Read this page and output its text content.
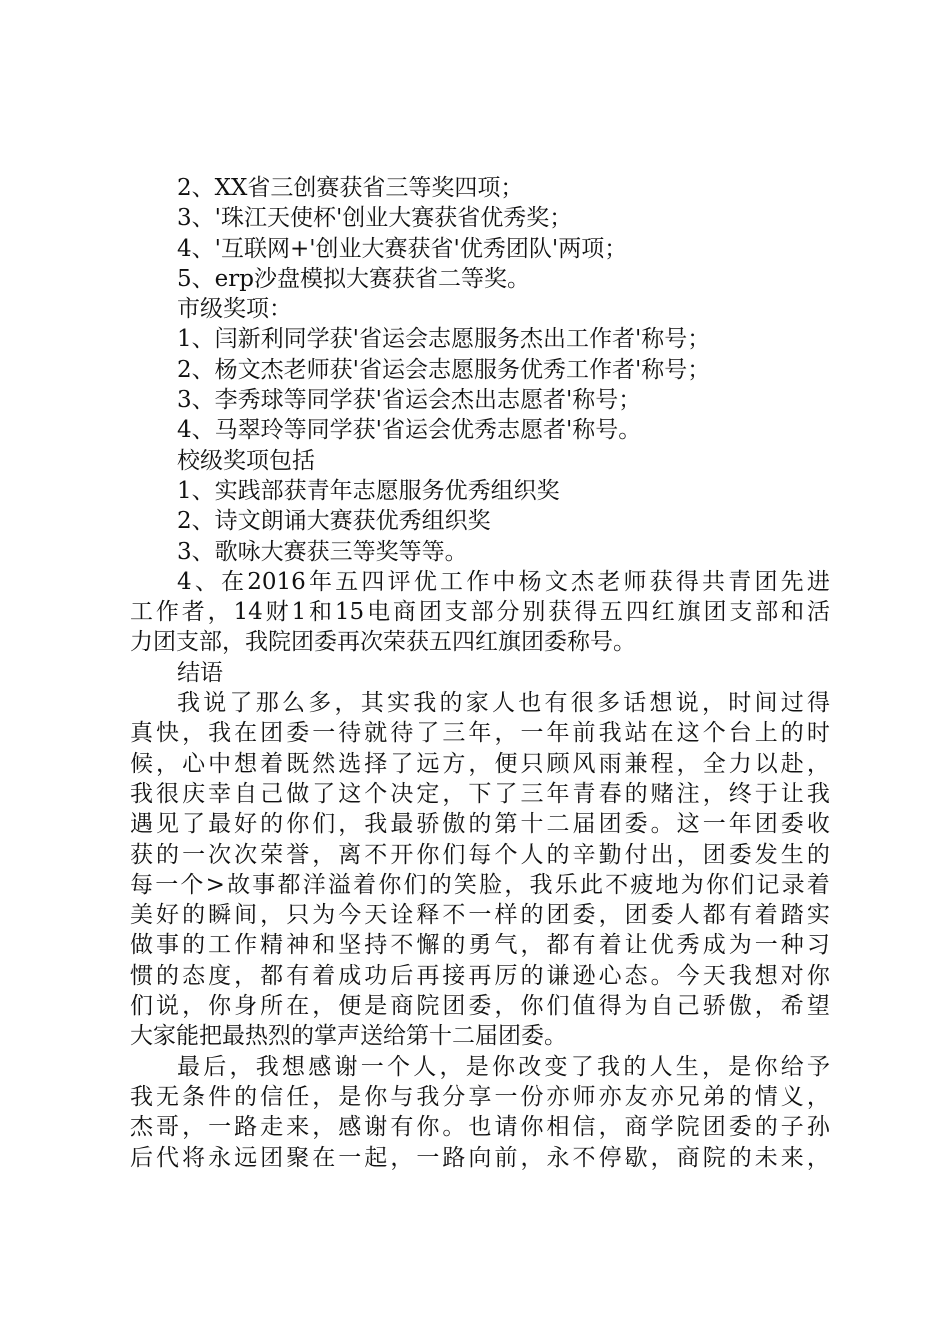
2、XX省三创赛获省三等奖四项；
3、'珠江天使杯'创业大赛获省优秀奖；
4、'互联网+'创业大赛获省'优秀团队'两项；
5、erp沙盘模拟大赛获省二等奖。
市级奖项：
1、闫新利同学获'省运会志愿服务杰出工作者'称号；
2、杨文杰老师获'省运会志愿服务优秀工作者'称号；
3、李秀球等同学获'省运会杰出志愿者'称号；
4、马翠玲等同学获'省运会优秀志愿者'称号。
校级奖项包括
1、实践部获青年志愿服务优秀组织奖
2、诗文朗诵大赛获优秀组织奖
3、歌咏大赛获三等奖等等。
4 、 在 2016 年 五 四 评 优 工 作 中 杨 文 杰 老 师 获 得 共 青 团 先 进
工 作 者 ， 14 财 1 和 15 电 商 团 支 部 分 别 获 得 五 四 红 旗 团 支 部 和 活
力团支部，我院团委再次荣获五四红旗团委称号。
结语
我 说 了 那 么 多 ， 其 实 我 的 家 人 也 有 很 多 话 想 说 ， 时 间 过 得
真 快 ， 我 在 团 委 一 待 就 待 了 三 年 ， 一 年 前 我 站 在 这 个 台 上 的 时
候 ， 心 中 想 着 既 然 选 择 了 远 方 ， 便 只 顾 风 雨 兼 程 ， 全 力 以 赴 ，
我 很 庆 幸 自 己 做 了 这 个 决 定 ， 下 了 三 年 青 春 的 赌 注 ， 终 于 让 我
遇 见 了 最 好 的 你 们 ， 我 最 骄 傲 的 第 十 二 届 团 委 。 这 一 年 团 委 收
获 的 一 次 次 荣 誉 ， 离 不 开 你 们 每 个 人 的 辛 勤 付 出 ， 团 委 发 生 的
每 一 个 > 故 事 都 洋 溢 着 你 们 的 笑 脸 ， 我 乐 此 不 疲 地 为 你 们 记 录 着
美 好 的 瞬 间 ， 只 为 今 天 诠 释 不 一 样 的 团 委 ， 团 委 人 都 有 着 踏 实
做 事 的 工 作 精 神 和 坚 持 不 懈 的 勇 气 ， 都 有 着 让 优 秀 成 为 一 种 习
惯 的 态 度 ， 都 有 着 成 功 后 再 接 再 厉 的 谦 逊 心 态 。 今 天 我 想 对 你
们 说 ， 你 身 所 在 ， 便 是 商 院 团 委 ， 你 们 值 得 为 自 己 骄 傲 ， 希 望
大家能把最热烈的掌声送给第十二届团委。
最 后 ， 我 想 感 谢 一 个 人 ， 是 你 改 变 了 我 的 人 生 ， 是 你 给 予
我 无 条 件 的 信 任 ， 是 你 与 我 分 享 一 份 亦 师 亦 友 亦 兄 弟 的 情 义 ，
杰 哥 ， 一 路 走 来 ， 感 谢 有 你 。 也 请 你 相 信 ， 商 学 院 团 委 的 子 孙
后 代 将 永 远 团 聚 在 一 起 ， 一 路 向 前 ， 永 不 停 歇 ， 商 院 的 未 来 ，
